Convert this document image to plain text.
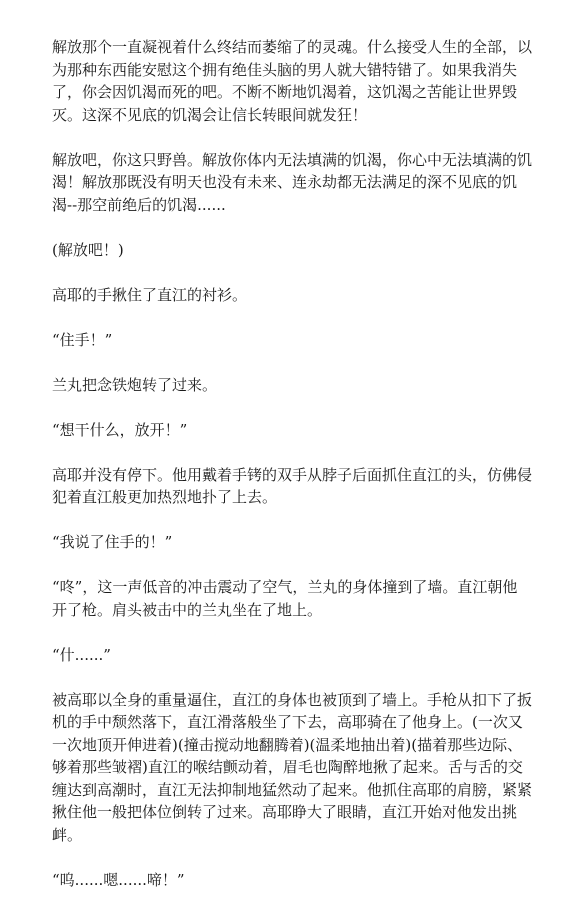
解放那个一直凝视着什么终结而萎缩了的灵魂。什么接受人生的全部，以为那种东西能安慰这个拥有绝佳头脑的男人就大错特错了。如果我消失了，你会因饥渴而死的吧。不断不断地饥渴着，这饥渴之苦能让世界毁灭。这深不见底的饥渴会让信长转眼间就发狂！

解放吧，你这只野兽。解放你体内无法填满的饥渴，你心中无法填满的饥渴！解放那既没有明天也没有未来、连永劫都无法满足的深不见底的饥渴--那空前绝后的饥渴......

(解放吧！)

高耶的手揪住了直江的衬衫。

“住手！”

兰丸把念铁炮转了过来。

“想干什么，放开！”

高耶并没有停下。他用戴着手铐的双手从脖子后面抓住直江的头，仿佛侵犯着直江般更加热烈地扑了上去。

“我说了住手的！”

“咚”，这一声低音的冲击震动了空气，兰丸的身体撞到了墙。直江朝他开了枪。肩头被击中的兰丸坐在了地上。

“什......”

被高耶以全身的重量逼住，直江的身体也被顶到了墙上。手枪从扣下了扳机的手中颓然落下，直江滑落般坐了下去，高耶骑在了他身上。(一次又一次地顶开伸进着)(撞击搅动地翻腾着)(温柔地抽出着)(描着那些边际、够着那些皱褶)直江的喉结颤动着，眉毛也陶醉地揪了起来。舌与舌的交缠达到高潮时，直江无法抑制地猛然动了起来。他抓住高耶的肩膀，紧紧揪住他一般把体位倒转了过来。高耶睁大了眼睛，直江开始对他发出挑衅。

“呜......嗯......啼！”
